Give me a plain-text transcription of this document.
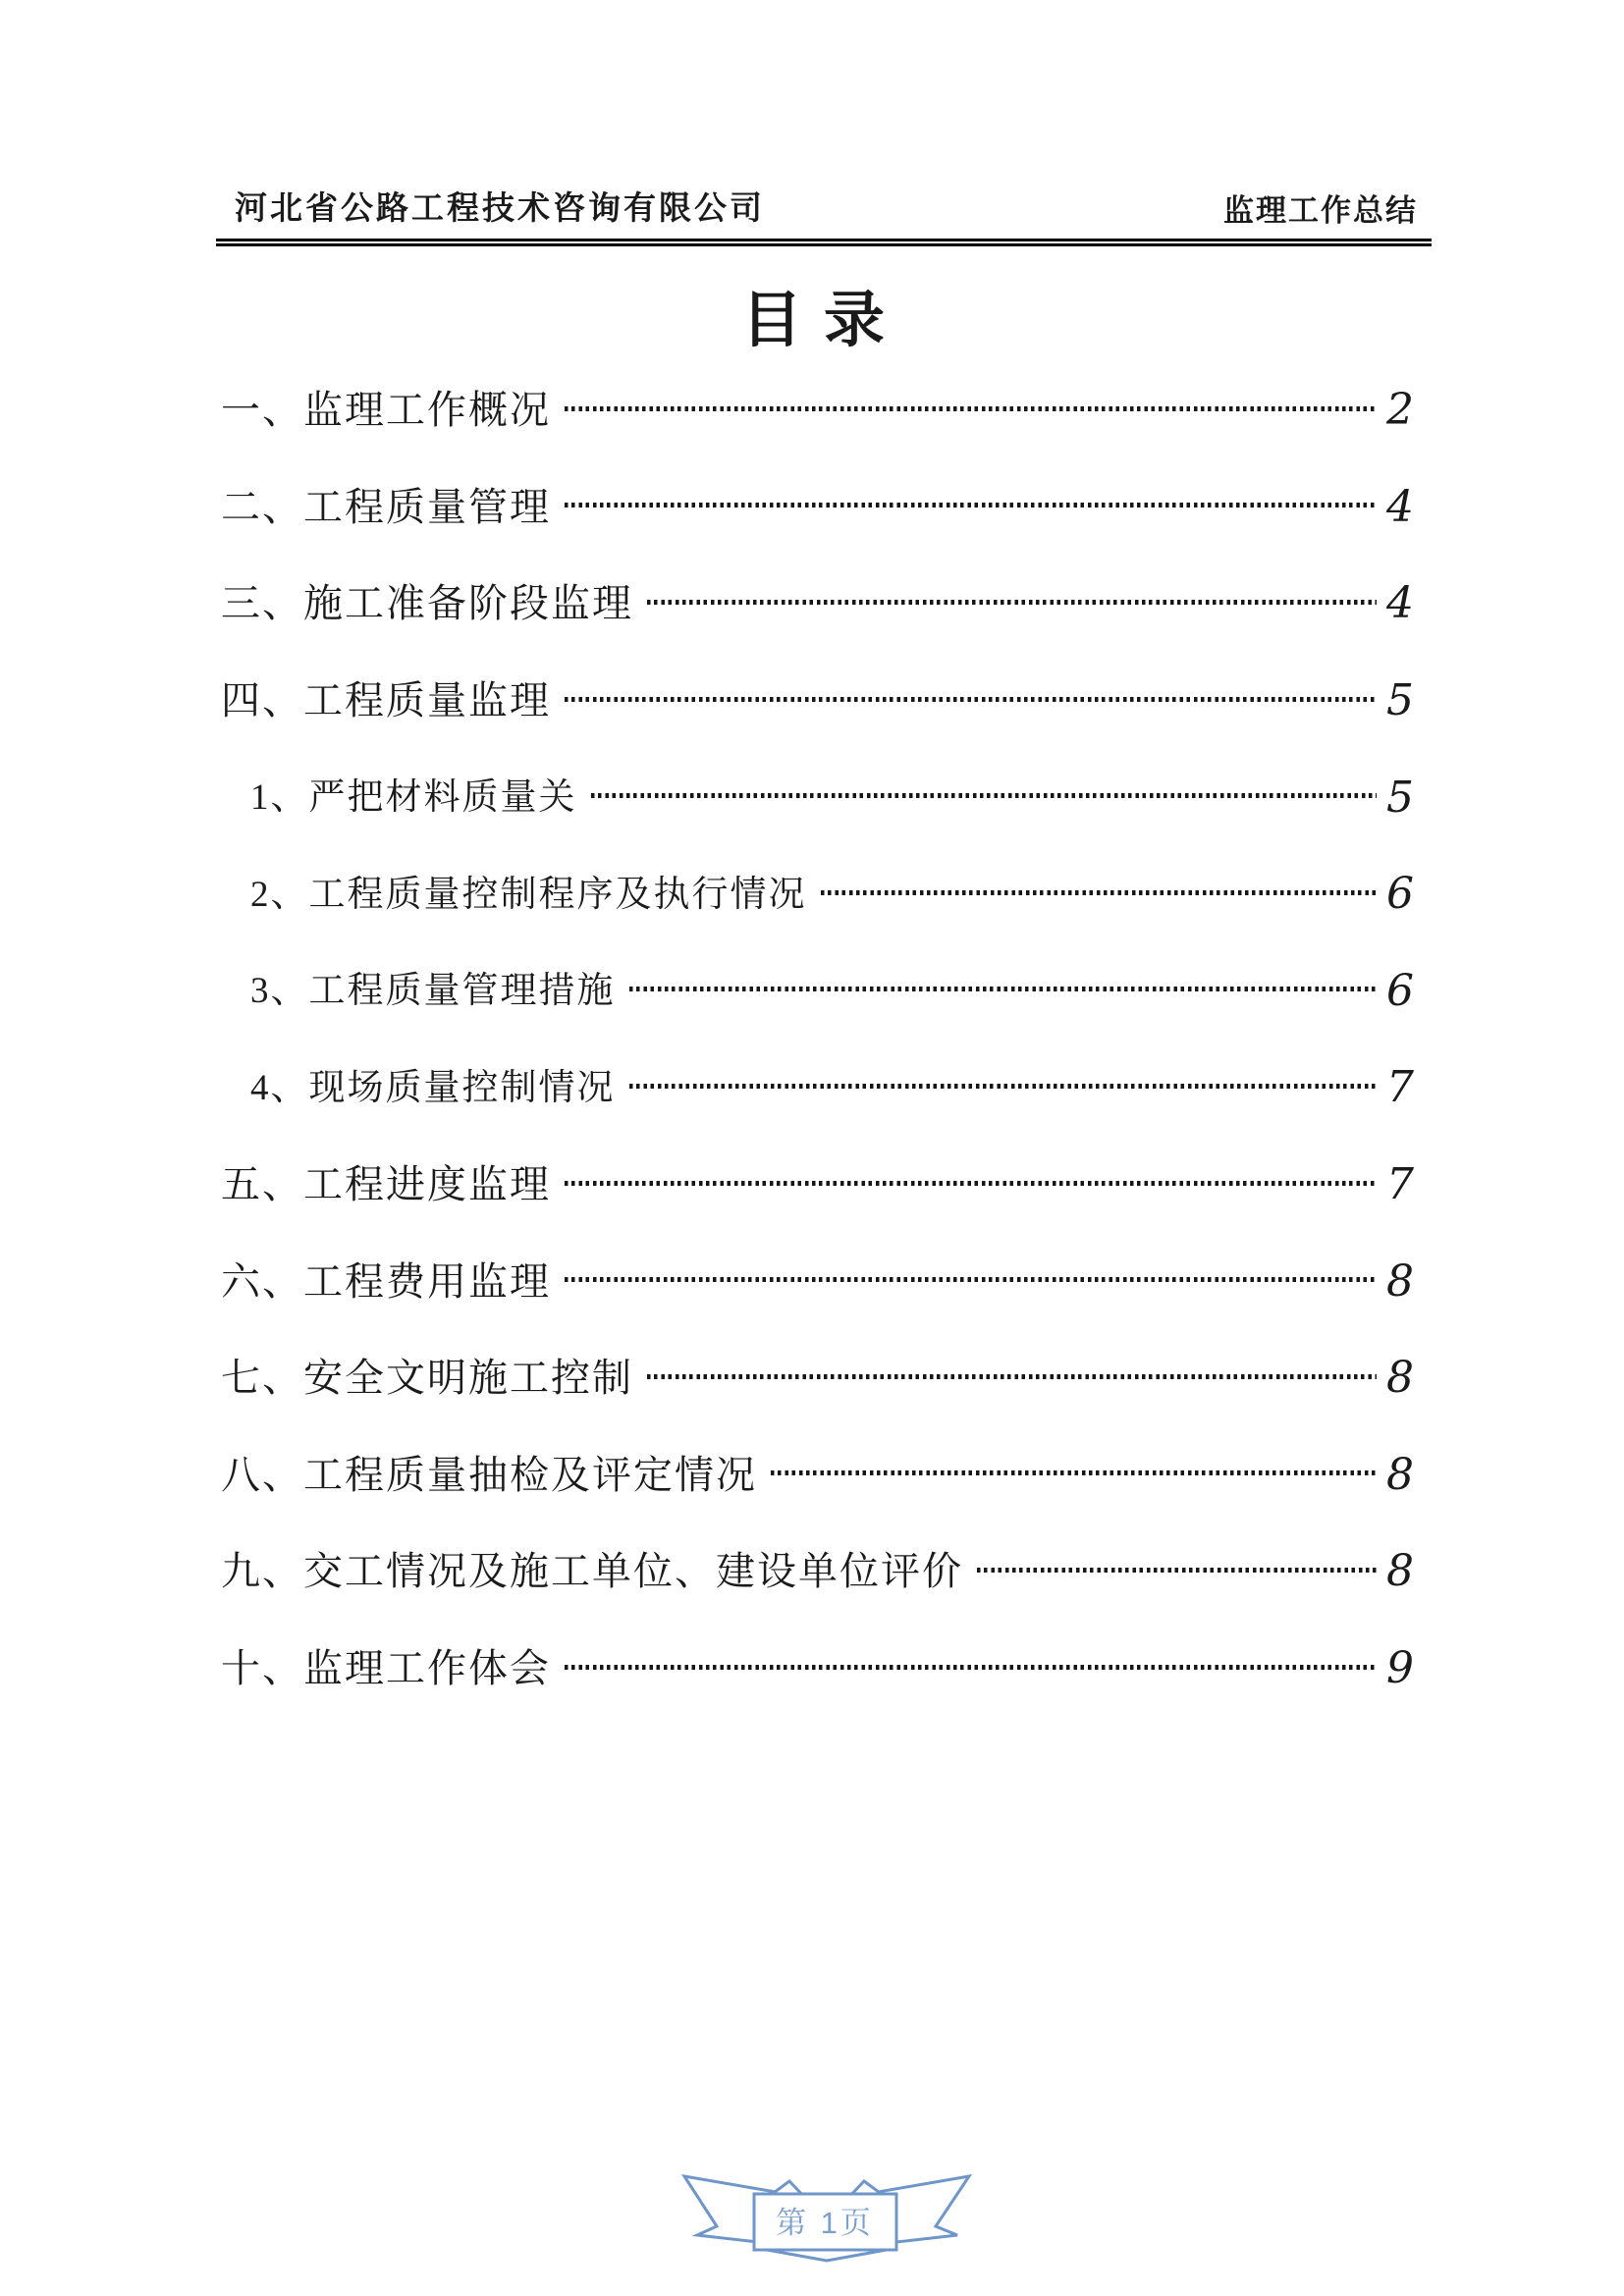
河北省公路工程技术咨询有限公司	监理工作总结
目录
一、监理工作概况	2
二、工程质量管理	4
三、施工准备阶段监理	4
四、工程质量监理	5
1、严把材料质量关	5
2、工程质量控制程序及执行情况	6
3、工程质量管理措施	6
4、现场质量控制情况	7
五、工程进度监理	7
六、工程费用监理	8
七、安全文明施工控制	8
八、工程质量抽检及评定情况	8
九、交工情况及施工单位、建设单位评价	8
十、监理工作体会	9
第 1页
